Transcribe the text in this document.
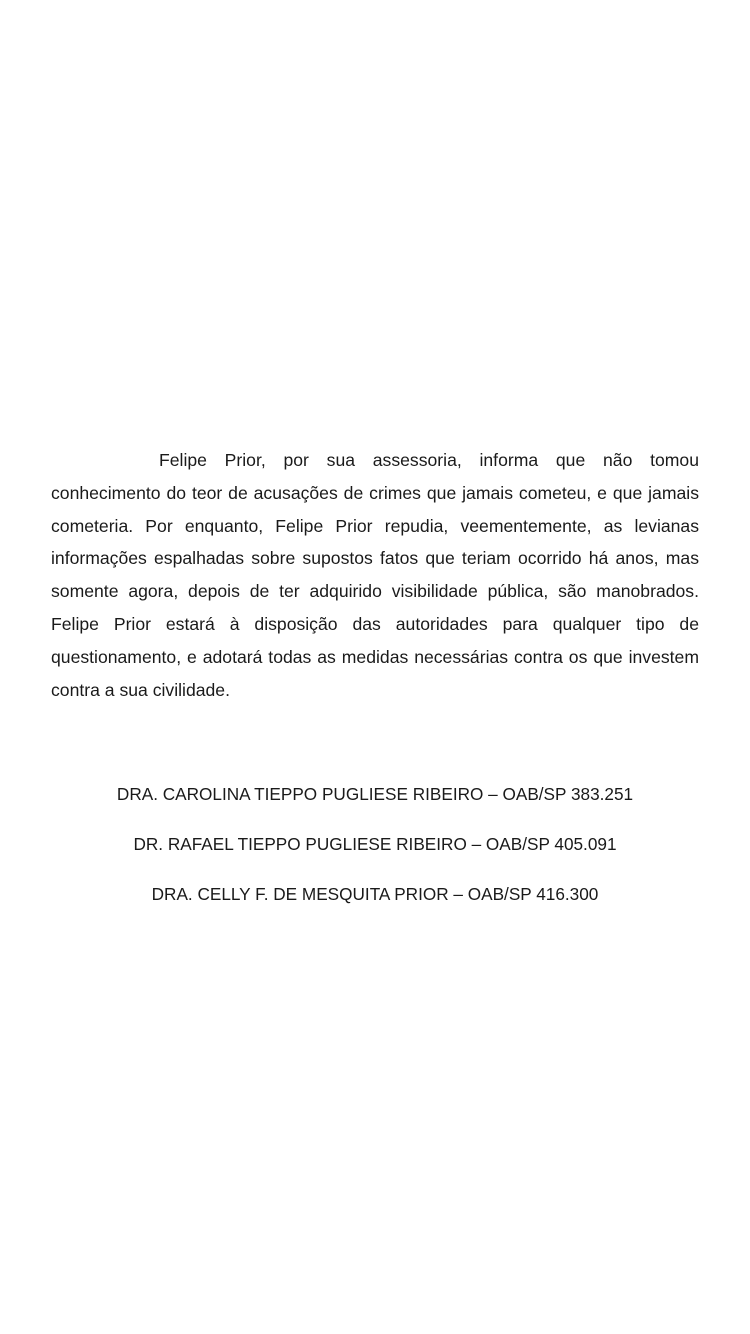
Felipe Prior, por sua assessoria, informa que não tomou conhecimento do teor de acusações de crimes que jamais cometeu, e que jamais cometeria. Por enquanto, Felipe Prior repudia, veementemente, as levianas informações espalhadas sobre supostos fatos que teriam ocorrido há anos, mas somente agora, depois de ter adquirido visibilidade pública, são manobrados. Felipe Prior estará à disposição das autoridades para qualquer tipo de questionamento, e adotará todas as medidas necessárias contra os que investem contra a sua civilidade.

DRA. CAROLINA TIEPPO PUGLIESE RIBEIRO – OAB/SP 383.251
DR. RAFAEL TIEPPO PUGLIESE RIBEIRO – OAB/SP 405.091
DRA. CELLY F. DE MESQUITA PRIOR – OAB/SP 416.300
